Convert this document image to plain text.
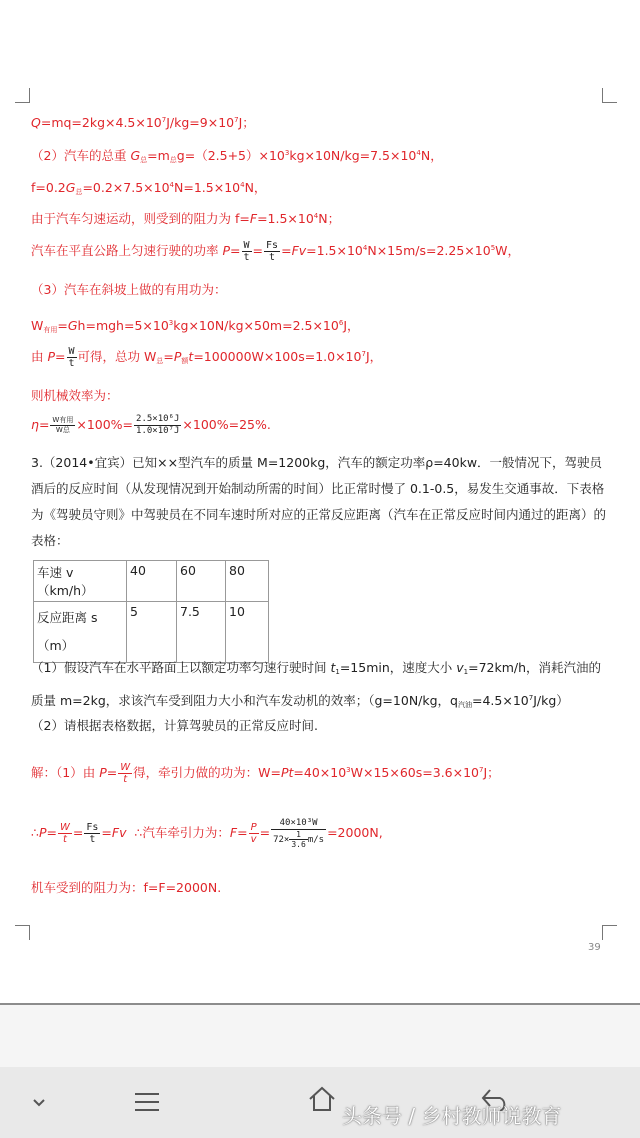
$Q=mq=2kg\times 4.5\times 10^7J/kg=9\times 10^7J$；
（2）汽车的总重 $G_总=m_总g=(2.5+5)\times 10^3kg\times 10N/kg=7.5\times 10^4N$，
$f=0.2G_总=0.2\times 7.5\times 10^4N=1.5\times 10^4N$，
由于汽车匀速运动，则受到的阻力为 $f=F=1.5\times 10^4N$；
汽车在平直公路上匀速行驶的功率 $P= \frac{W}{t} = \frac{Fs}{t} =Fv=1.5\times 10^4N\times 15m/s=2.25\times 10^5W$，
（3）汽车在斜坡上做的有用功为：
$W_{有用}=Gh=mgh=5\times 10^3kg\times 10N/kg\times 50m=2.5\times 10^6J$，
由 $P= \frac{W}{t}$ 可得，总功 $W_总=P_额t=100000W\times 100s=1.0\times 10^7J$，
则机械效率为：
$\eta= \frac{\text{W有用}}{\text{W总}} \times 100\%= \frac{\text{2.5×10⁶J}}{\text{1.0×10⁷J}} \times 100\%=25\%$.
3.（2014•宜宾）已知××型汽车的质量 M=1200kg，汽车的额定功率ρ=40kw．一般情况下，驾驶员酒后的反应时间（从发现情况到开始制动所需的时间）比正常时慢了 0.1-0.5，易发生交通事故．下表格为《驾驶员守则》中驾驶员在不同车速时所对应的正常反应距离（汽车在正常反应时间内通过的距离）的表格：
车速 v（km/h）	40	60	80
反应距离 s（m）	5	7.5	10
（1）假设汽车在水平路面上以额定功率匀速行驶时间 $t_1=15\min$，速度大小 $v_1=72km/h$，消耗汽油的质量 m=2kg，求该汽车受到阻力大小和汽车发动机的效率；（g=10N/kg，$q_{汽油}=4.5\times 10^7J/kg$）
（2）请根据表格数据，计算驾驶员的正常反应时间.
解：（1）由 $P= \frac{W}{t}$ 得，牵引力做的功为：$W=Pt=40\times 10^3W\times 15\times 60s=3.6\times 10^7J$；
∴P= $\frac{W}{t} = \frac{Fs}{t} =Fv$  ∴汽车牵引力为：$F= \frac{P}{v} = \frac{\text{40×10³W}}{72\times \frac{1}{3.6} m/s} =2000N$,
机车受到的阻力为：f=F=2000N.
39
头条号 / 乡村教师说教育
